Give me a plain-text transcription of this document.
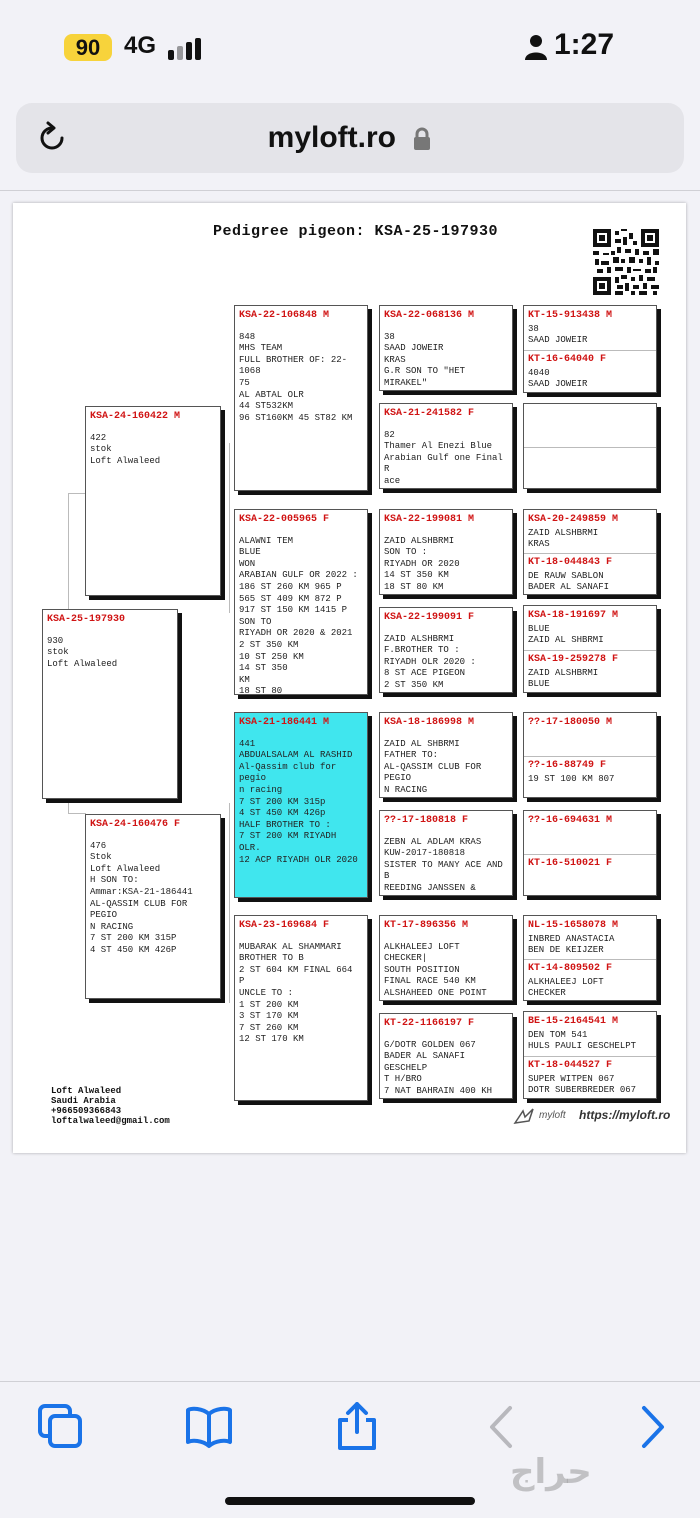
90 4G	1:27
myloft.ro
Pedigree pigeon: KSA-25-197930
KSA-25-197930

930
stok
Loft Alwaleed

KSA-24-160422 M

422
stok
Loft Alwaleed

KSA-24-160476 F

476
Stok
Loft Alwaleed
H SON TO:
Ammar:KSA-21-186441
AL-QASSIM CLUB FOR PEGIO
N RACING
7 ST 200 KM 315P
4 ST 450 KM 426P

KSA-22-106848 M

848
MHS TEAM
FULL BROTHER OF: 22-1068
75
AL ABTAL OLR
44 ST532KM
96 ST160KM 45 ST82 KM

KSA-22-005965 F

ALAWNI TEM
BLUE
WON
ARABIAN GULF OR 2022 :
186 ST 260 KM 965 P
565 ST 409 KM 872 P
917 ST 150 KM 1415 P
SON TO
RIYADH OR 2020 & 2021
2 ST 350 KM
10 ST 250 KM
14 ST 350
KM
18 ST 80

KSA-21-186441 M

441
ABDUALSALAM AL RASHID
Al-Qassim club for pegio
n racing
7 ST 200 KM 315p
4 ST 450 KM 426p
HALF BROTHER TO :
7 ST 200 KM RIYADH OLR.
12 ACP RIYADH OLR 2020

KSA-23-169684 F

MUBARAK AL SHAMMARI
BROTHER TO B
2 ST 604 KM FINAL 664 P
UNCLE TO :
1 ST 200 KM
3 ST 170 KM
7 ST 260 KM
12 ST 170 KM

KSA-22-068136 M

38
SAAD JOWEIR
KRAS
G.R SON TO "HET MIRAKEL"

KSA-21-241582 F

82
Thamer Al Enezi Blue
Arabian Gulf one Final R
ace

KSA-22-199081 M

ZAID ALSHBRMI
SON TO :
RIYADH OR 2020
14 ST 350 KM
18 ST 80 KM

KSA-22-199091 F

ZAID ALSHBRMI
F.BROTHER TO :
RIYADH OLR 2020 :
8 ST ACE PIGEON
2 ST 350 KM

KSA-18-186998 M

ZAID AL SHBRMI
FATHER TO:
AL-QASSIM CLUB FOR PEGIO
N RACING

??-17-180818 F

ZEBN AL ADLAM KRAS
KUW-2017-180818
SISTER TO MANY ACE AND B
REEDING JANSSEN &

KT-17-896356 M

ALKHALEEJ LOFT
CHECKER|
SOUTH POSITION
FINAL RACE 540 KM
ALSHAHEED ONE POINT

KT-22-1166197 F

G/DOTR GOLDEN 067
BADER AL SANAFI GESCHELP
T H/BRO
7 NAT BAHRAIN 400 KH

KT-15-913438 M

38
SAAD JOWEIR

KT-16-64040 F

4040
SAAD JOWEIR

KSA-20-249859 M

ZAID ALSHBRMI
KRAS

KT-18-044843 F

DE RAUW SABLON
BADER AL SANAFI

KSA-18-191697 M

BLUE
ZAID AL SHBRMI

KSA-19-259278 F

ZAID ALSHBRMI
BLUE

??-17-180050 M

??-16-88749 F

19 ST 100 KM 807

??-16-694631 M

KT-16-510021 F

NL-15-1658078 M

INBRED ANASTACIA
BEN DE KEIJZER

KT-14-809502 F

ALKHALEEJ LOFT
CHECKER

BE-15-2164541 M

DEN TOM 541
HULS PAULI GESCHELPT

KT-18-044527 F

SUPER WITPEN 067
DOTR SUBERBREDER 067

Loft Alwaleed
Saudi Arabia
+966509366843
loftalwaleed@gmail.com	myloft https://myloft.ro
حراج
